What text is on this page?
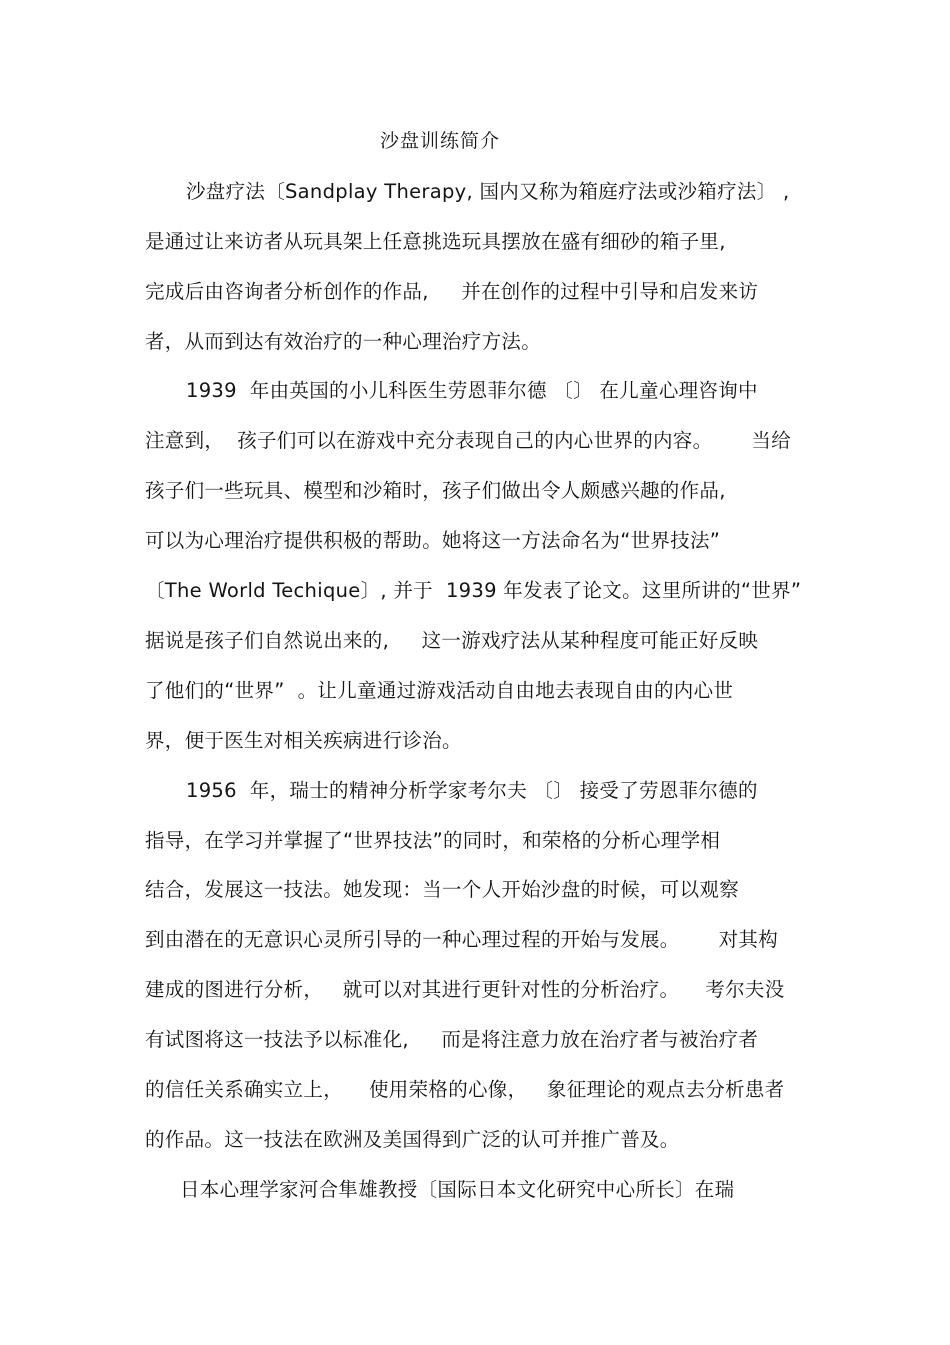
沙盘训练简介
沙盘疗法〔Sandplay Therapy, 国内又称为箱庭疗法或沙箱疗法〕 ,
是通过让来访者从玩具架上任意挑选玩具摆放在盛有细砂的箱子里,
完成后由咨询者分析创作的作品,     并在创作的过程中引导和启发来访
者，从而到达有效治疗的一种心理治疗方法。
1939  年由英国的小儿科医生劳恩菲尔德 〔〕 在儿童心理咨询中
注意到，  孩子们可以在游戏中充分表现自己的内心世界的内容。      当给
孩子们一些玩具、模型和沙箱时，孩子们做出令人颇感兴趣的作品,
可以为心理治疗提供积极的帮助。她将这一方法命名为“世界技法”
〔The World Techique〕, 并于  1939 年发表了论文。这里所讲的“世界”
据说是孩子们自然说出来的,     这一游戏疗法从某种程度可能正好反映
了他们的“世界”  。让儿童通过游戏活动自由地去表现自由的内心世
界，便于医生对相关疾病进行诊治。
1956  年，瑞士的精神分析学家考尔夫 〔〕 接受了劳恩菲尔德的
指导，在学习并掌握了“世界技法”的同时，和荣格的分析心理学相
结合，发展这一技法。她发现：当一个人开始沙盘的时候，可以观察
到由潜在的无意识心灵所引导的一种心理过程的开始与发展。      对其构
建成的图进行分析，   就可以对其进行更针对性的分析治疗。    考尔夫没
有试图将这一技法予以标准化,     而是将注意力放在治疗者与被治疗者
的信任关系确实立上，    使用荣格的心像，   象征理论的观点去分析患者
的作品。这一技法在欧洲及美国得到广泛的认可并推广普及。
日本心理学家河合隼雄教授〔国际日本文化研究中心所长〕在瑞
